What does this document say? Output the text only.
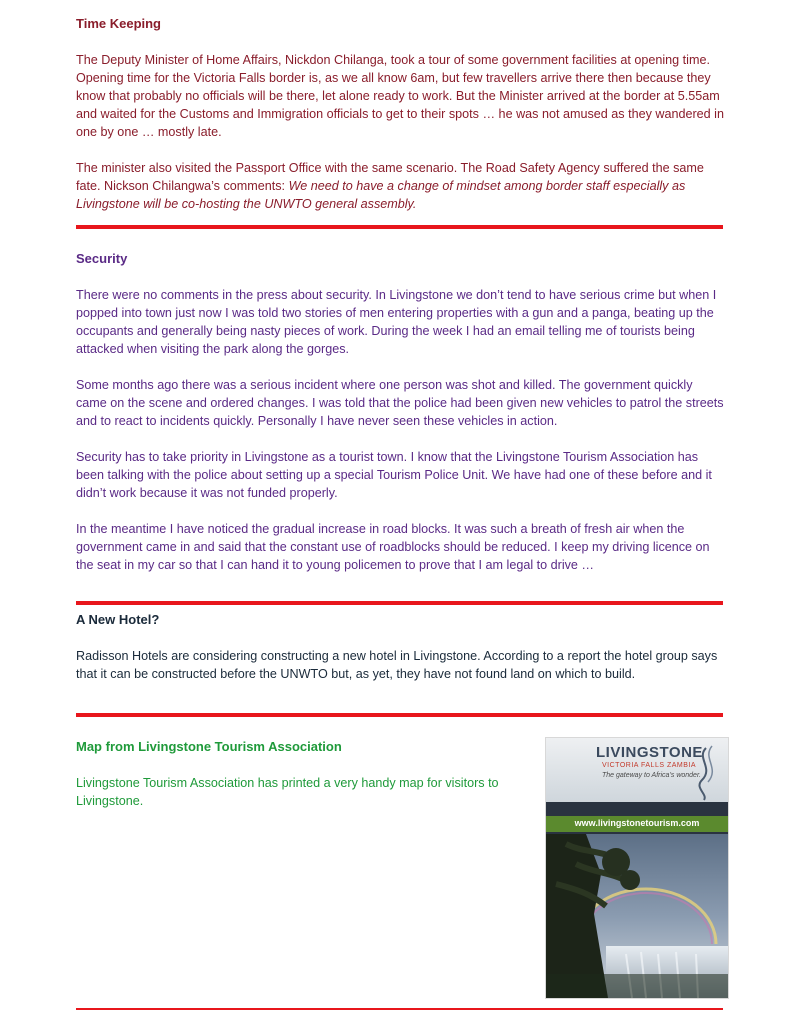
Time Keeping

The Deputy Minister of Home Affairs, Nickdon Chilanga, took a tour of some government facilities at opening time. Opening time for the Victoria Falls border is, as we all know 6am, but few travellers arrive there then because they know that probably no officials will be there, let alone ready to work. But the Minister arrived at the border at 5.55am and waited for the Customs and Immigration officials to get to their spots … he was not amused as they wandered in one by one … mostly late.

The minister also visited the Passport Office with the same scenario. The Road Safety Agency suffered the same fate. Nickson Chilangwa’s comments: We need to have a change of mindset among border staff especially as Livingstone will be co-hosting the UNWTO general assembly.

Security

There were no comments in the press about security. In Livingstone we don’t tend to have serious crime but when I popped into town just now I was told two stories of men entering properties with a gun and a panga, beating up the occupants and generally being nasty pieces of work. During the week I had an email telling me of tourists being attacked when visiting the park along the gorges.

Some months ago there was a serious incident where one person was shot and killed. The government quickly came on the scene and ordered changes. I was told that the police had been given new vehicles to patrol the streets and to react to incidents quickly. Personally I have never seen these vehicles in action.

Security has to take priority in Livingstone as a tourist town. I know that the Livingstone Tourism Association has been talking with the police about setting up a special Tourism Police Unit. We have had one of these before and it didn’t work because it was not funded properly.

In the meantime I have noticed the gradual increase in road blocks. It was such a breath of fresh air when the government came in and said that the constant use of roadblocks should be reduced. I keep my driving licence on the seat in my car so that I can hand it to young policemen to prove that I am legal to drive …

A New Hotel?

Radisson Hotels are considering constructing a new hotel in Livingstone. According to a report the hotel group says that it can be constructed before the UNWTO but, as yet, they have not found land on which to build.

Map from Livingstone Tourism Association

Livingstone Tourism Association has printed a very handy map for visitors to Livingstone.

LIVINGSTONE
VICTORIA FALLS ZAMBIA
The gateway to Africa’s wonder.
www.livingstonetourism.com
